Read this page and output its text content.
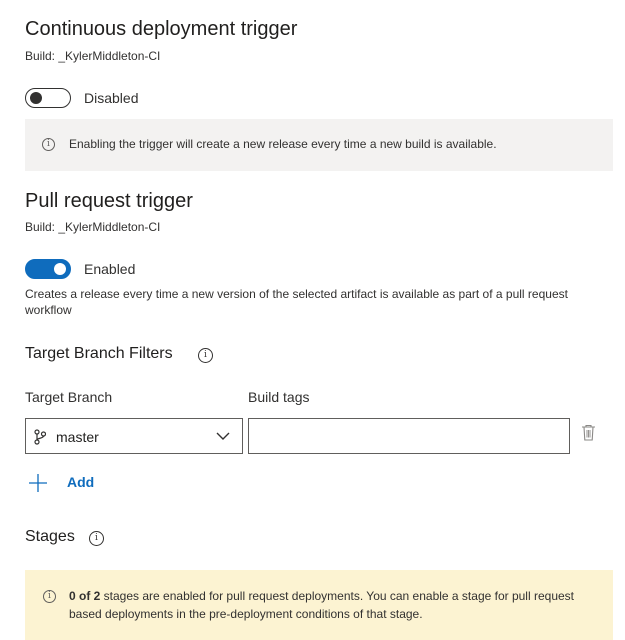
Continuous deployment trigger
Build: _KylerMiddleton-CI
Disabled
i	Enabling the trigger will create a new release every time a new build is available.
Pull request trigger
Build: _KylerMiddleton-CI
Enabled
Creates a release every time a new version of the selected artifact is available as part of a pull request workflow
Target Branch Filters	i
Target Branch	Build tags
master
Add
Stages	i
i	0 of 2 stages are enabled for pull request deployments. You can enable a stage for pull request based deployments in the pre-deployment conditions of that stage.
